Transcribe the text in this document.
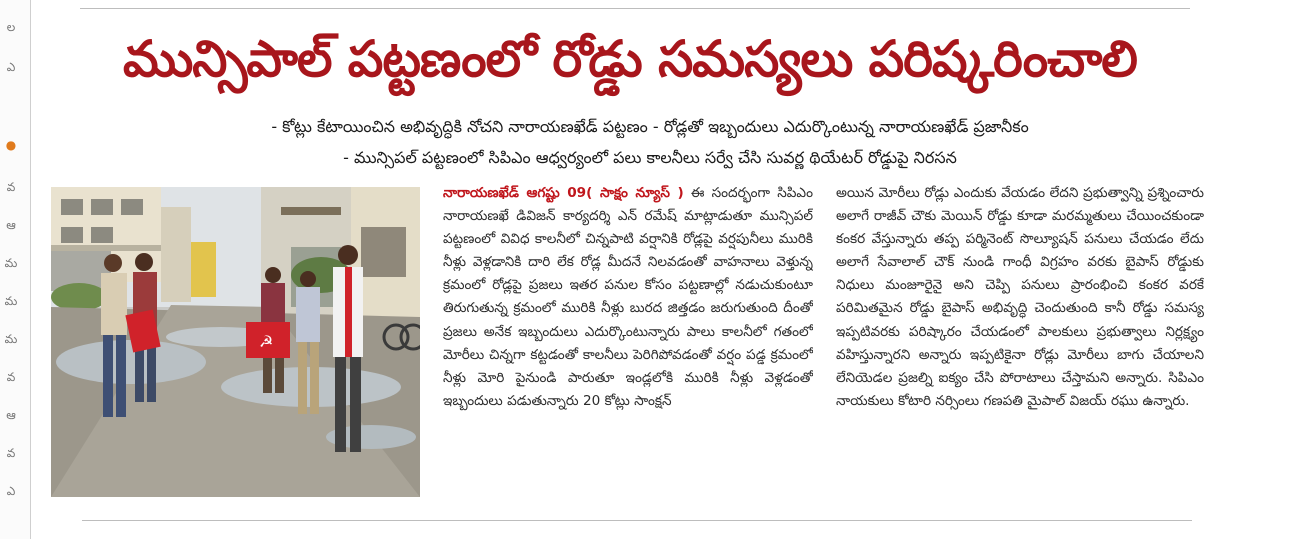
ల
ఎ
●
వ
ఆ
మ
మ
మ
వ
ఆ
వ
ఎ
మున్సిపాల్ పట్టణంలో రోడ్డు సమస్యలు పరిష్కరించాలి
- కోట్లు కేటాయించిన అభివృద్ధికి నోచని నారాయణఖేడ్ పట్టణం - రోడ్లతో ఇబ్బందులు ఎదుర్కొంటున్న నారాయణఖేడ్ ప్రజానీకం
- మున్సిపల్ పట్టణంలో సిపిఎం ఆధ్వర్యంలో పలు కాలనీలు సర్వే చేసి సువర్ణ థియేటర్ రోడ్డుపై నిరసన
☭
నారాయణఖేడ్ ఆగష్టు 09( సాక్షం న్యూస్ ) ఈ సందర్భంగా సిపిఎం నారాయణఖే డివిజన్ కార్యదర్శి ఎన్ రమేష్ మాట్లాడుతూ మున్సిపల్ పట్టణంలో వివిధ కాలనీలో చిన్నపాటి వర్షానికి రోడ్లపై వర్షపునీలు మురికి నీళ్లు వెళ్లడానికి దారి లేక రోడ్ల మీదనే నిలవడంతో వాహనాలు వెళ్తున్న క్రమంలో రోడ్లపై ప్రజలు ఇతర పనుల కోసం పట్టణాల్లో నడుచుకుంటూ తిరుగుతున్న క్రమంలో మురికి నీళ్లు బురద జిత్తడం జరుగుతుంది దీంతో ప్రజలు అనేక ఇబ్బందులు ఎదుర్కొంటున్నారు పాలు కాలనీలో గతంలో మోరీలు చిన్నగా కట్టడంతో కాలనీలు పెరిగిపోవడంతో వర్షం పడ్డ క్రమంలో నీళ్లు మోరి పైనుండి పారుతూ ఇండ్లలోకి మురికి నీళ్లు వెళ్లడంతో ఇబ్బందులు పడుతున్నారు 20 కోట్లు సాంక్షన్
అయిన మోరీలు రోడ్లు ఎందుకు వేయడం లేదని ప్రభుత్వాన్ని ప్రశ్నించారు అలాగే రాజీవ్ చౌకు మెయిన్ రోడ్డు కూడా మరమ్మతులు చేయించకుండా కంకర వేస్తున్నారు తప్ప పర్మినెంట్ సొల్యూషన్ పనులు చేయడం లేదు అలాగే సేవాలాల్ చౌక్ నుండి గాంధీ విగ్రహం వరకు బైపాస్ రోడ్డుకు నిధులు మంజూరైనై అని చెప్పి పనులు ప్రారంభించి కంకర వరకే పరిమితమైన రోడ్డు బైపాస్ అభివృద్ధి చెందుతుంది కానీ రోడ్డు సమస్య ఇప్పటివరకు పరిష్కారం చేయడంలో పాలకులు ప్రభుత్వాలు నిర్లక్ష్యం వహిస్తున్నారని అన్నారు ఇప్పటికైనా రోడ్లు మోరీలు బాగు చేయాలని లేనియెడల ప్రజల్ని ఐక్యం చేసి పోరాటాలు చేస్తామని అన్నారు. సిపిఎం నాయకులు కోటారి నర్సింలు గణపతి మైపాల్ విజయ్ రఘు ఉన్నారు.
